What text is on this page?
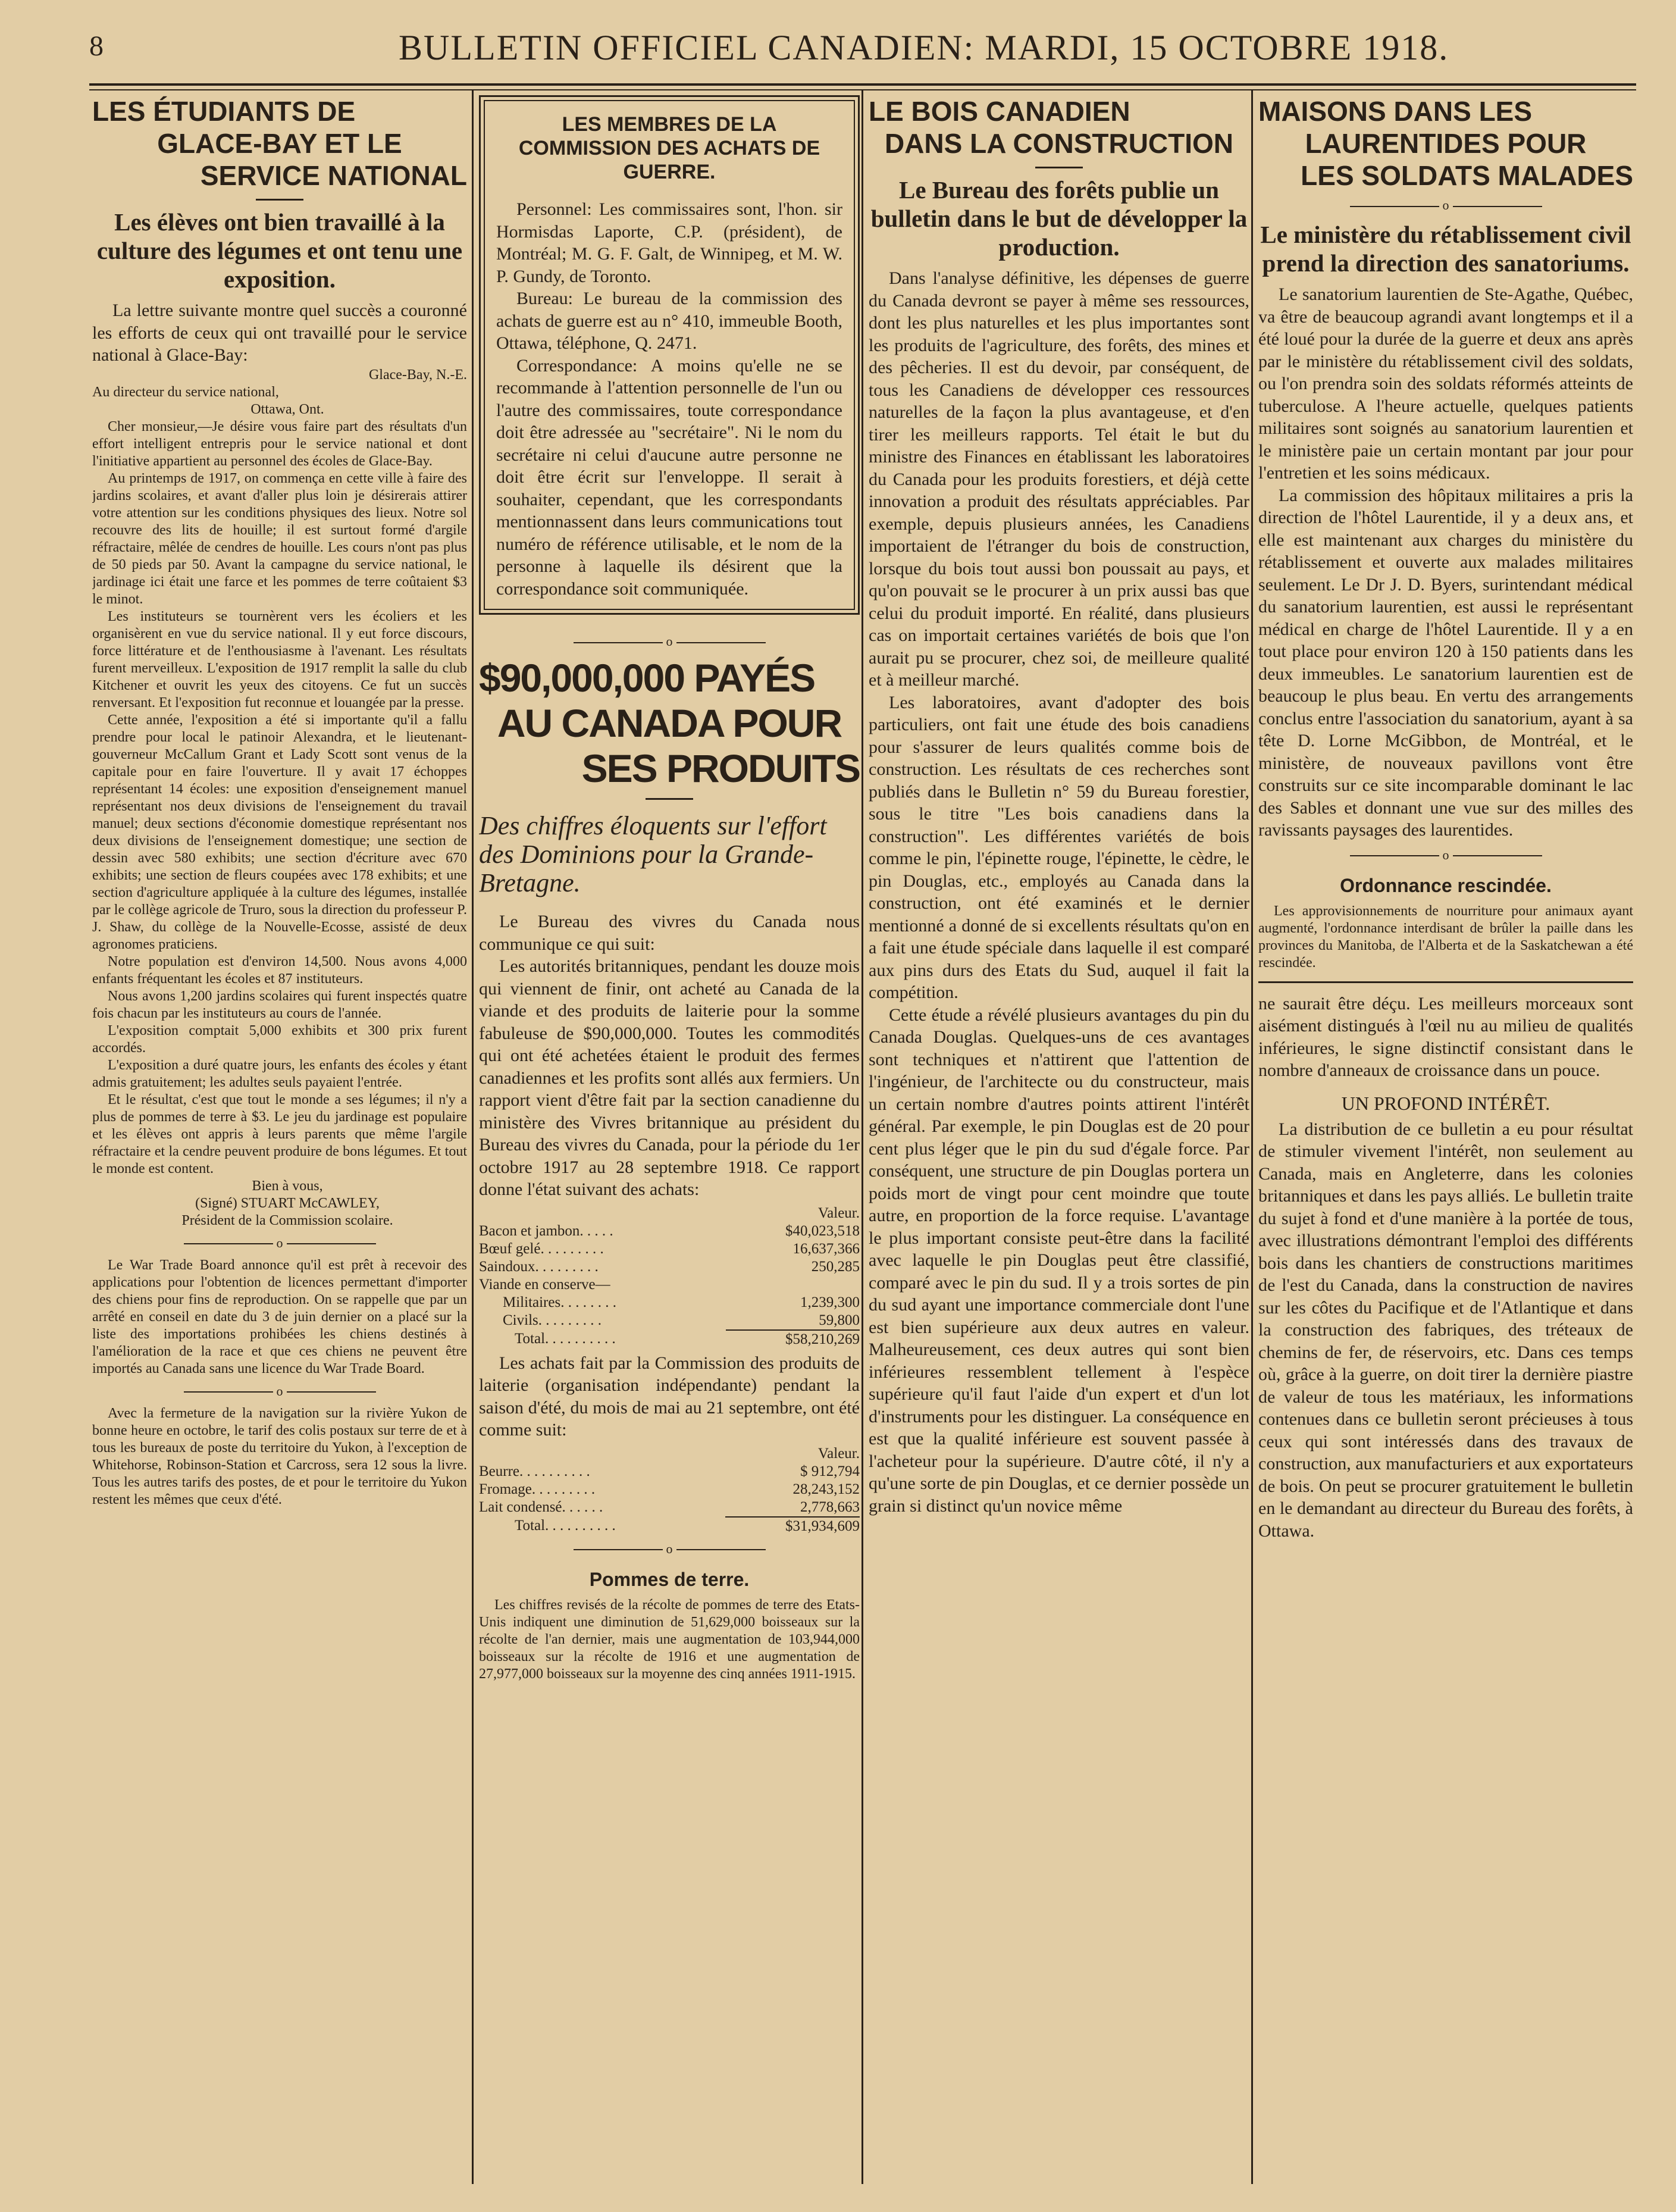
8	BULLETIN OFFICIEL CANADIEN: MARDI, 15 OCTOBRE 1918.
LES ÉTUDIANTS DE
GLACE-BAY ET LE
SERVICE NATIONAL
Les élèves ont bien travaillé à la culture des légumes et ont tenu une exposition.

La lettre suivante montre quel succès a couronné les efforts de ceux qui ont travaillé pour le service national à Glace-Bay:

Glace-Bay, N.-E.

Au directeur du service national,

Ottawa, Ont.

Cher monsieur,—Je désire vous faire part des résultats d'un effort intelligent entrepris pour le service national et dont l'initiative appartient au personnel des écoles de Glace-Bay.

Au printemps de 1917, on commença en cette ville à faire des jardins scolaires, et avant d'aller plus loin je désirerais attirer votre attention sur les conditions physiques des lieux. Notre sol recouvre des lits de houille; il est surtout formé d'argile réfractaire, mêlée de cendres de houille. Les cours n'ont pas plus de 50 pieds par 50. Avant la campagne du service national, le jardinage ici était une farce et les pommes de terre coûtaient $3 le minot.

Les instituteurs se tournèrent vers les écoliers et les organisèrent en vue du service national. Il y eut force discours, force littérature et de l'enthousiasme à l'avenant. Les résultats furent merveilleux. L'exposition de 1917 remplit la salle du club Kitchener et ouvrit les yeux des citoyens. Ce fut un succès renversant. Et l'exposition fut reconnue et louangée par la presse.

Cette année, l'exposition a été si importante qu'il a fallu prendre pour local le patinoir Alexandra, et le lieutenant-gouverneur McCallum Grant et Lady Scott sont venus de la capitale pour en faire l'ouverture. Il y avait 17 échoppes représentant 14 écoles: une exposition d'enseignement manuel représentant nos deux divisions de l'enseignement du travail manuel; deux sections d'économie domestique représentant nos deux divisions de l'enseignement domestique; une section de dessin avec 580 exhibits; une section d'écriture avec 670 exhibits; une section de fleurs coupées avec 178 exhibits; et une section d'agriculture appliquée à la culture des légumes, installée par le collège agricole de Truro, sous la direction du professeur P. J. Shaw, du collège de la Nouvelle-Ecosse, assisté de deux agronomes praticiens.

Notre population est d'environ 14,500. Nous avons 4,000 enfants fréquentant les écoles et 87 instituteurs.

Nous avons 1,200 jardins scolaires qui furent inspectés quatre fois chacun par les instituteurs au cours de l'année.

L'exposition comptait 5,000 exhibits et 300 prix furent accordés.

L'exposition a duré quatre jours, les enfants des écoles y étant admis gratuitement; les adultes seuls payaient l'entrée.

Et le résultat, c'est que tout le monde a ses légumes; il n'y a plus de pommes de terre à $3. Le jeu du jardinage est populaire et les élèves ont appris à leurs parents que même l'argile réfractaire et la cendre peuvent produire de bons légumes. Et tout le monde est content.

Bien à vous,

(Signé) STUART McCAWLEY,

Président de la Commission scolaire.

o

Le War Trade Board annonce qu'il est prêt à recevoir des applications pour l'obtention de licences permettant d'importer des chiens pour fins de reproduction. On se rappelle que par un arrêté en conseil en date du 3 de juin dernier on a placé sur la liste des importations prohibées les chiens destinés à l'amélioration de la race et que ces chiens ne peuvent être importés au Canada sans une licence du War Trade Board.

o

Avec la fermeture de la navigation sur la rivière Yukon de bonne heure en octobre, le tarif des colis postaux sur terre de et à tous les bureaux de poste du territoire du Yukon, à l'exception de Whitehorse, Robinson-Station et Carcross, sera 12 sous la livre. Tous les autres tarifs des postes, de et pour le territoire du Yukon restent les mêmes que ceux d'été.

LES MEMBRES DE LA COMMISSION DES ACHATS DE GUERRE.

Personnel: Les commissaires sont, l'hon. sir Hormisdas Laporte, C.P. (président), de Montréal; M. G. F. Galt, de Winnipeg, et M. W. P. Gundy, de Toronto.

Bureau: Le bureau de la commission des achats de guerre est au n° 410, immeuble Booth, Ottawa, téléphone, Q. 2471.

Correspondance: A moins qu'elle ne se recommande à l'attention personnelle de l'un ou l'autre des commissaires, toute correspondance doit être adressée au "secrétaire". Ni le nom du secrétaire ni celui d'aucune autre personne ne doit être écrit sur l'enveloppe. Il serait à souhaiter, cependant, que les correspondants mentionnassent dans leurs communications tout numéro de référence utilisable, et le nom de la personne à laquelle ils désirent que la correspondance soit communiquée.

o
$90,000,000 PAYÉS
AU CANADA POUR
SES PRODUITS
Des chiffres éloquents sur l'effort des Dominions pour la Grande-Bretagne.

Le Bureau des vivres du Canada nous communique ce qui suit:

Les autorités britanniques, pendant les douze mois qui viennent de finir, ont acheté au Canada de la viande et des produits de laiterie pour la somme fabuleuse de $90,000,000. Toutes les commodités qui ont été achetées étaient le produit des fermes canadiennes et les profits sont allés aux fermiers. Un rapport vient d'être fait par la section canadienne du ministère des Vivres britannique au président du Bureau des vivres du Canada, pour la période du 1er octobre 1917 au 28 septembre 1918. Ce rapport donne l'état suivant des achats:

	Valeur.
Bacon et jambon. . . . .	$40,023,518
Bœuf gelé. . . . . . . . .	16,637,366
Saindoux. . . . . . . . .	250,285
Viande en conserve—	
Militaires. . . . . . . .	1,239,300
Civils. . . . . . . . .	59,800
Total. . . . . . . . . .	$58,210,269

Les achats fait par la Commission des produits de laiterie (organisation indépendante) pendant la saison d'été, du mois de mai au 21 septembre, ont été comme suit:

	Valeur.
Beurre. . . . . . . . . .	$ 912,794
Fromage. . . . . . . . .	28,243,152
Lait condensé. . . . . .	2,778,663
Total. . . . . . . . . .	$31,934,609
o
Pommes de terre.

Les chiffres revisés de la récolte de pommes de terre des Etats-Unis indiquent une diminution de 51,629,000 boisseaux sur la récolte de l'an dernier, mais une augmentation de 103,944,000 boisseaux sur la récolte de 1916 et une augmentation de 27,977,000 boisseaux sur la moyenne des cinq années 1911-1915.

LE BOIS CANADIEN
DANS LA CONSTRUCTION
Le Bureau des forêts publie un bulletin dans le but de développer la production.

Dans l'analyse définitive, les dépenses de guerre du Canada devront se payer à même ses ressources, dont les plus naturelles et les plus importantes sont les produits de l'agriculture, des forêts, des mines et des pêcheries. Il est du devoir, par conséquent, de tous les Canadiens de développer ces ressources naturelles de la façon la plus avantageuse, et d'en tirer les meilleurs rapports. Tel était le but du ministre des Finances en établissant les laboratoires du Canada pour les produits forestiers, et déjà cette innovation a produit des résultats appréciables. Par exemple, depuis plusieurs années, les Canadiens importaient de l'étranger du bois de construction, lorsque du bois tout aussi bon poussait au pays, et qu'on pouvait se le procurer à un prix aussi bas que celui du produit importé. En réalité, dans plusieurs cas on importait certaines variétés de bois que l'on aurait pu se procurer, chez soi, de meilleure qualité et à meilleur marché.

Les laboratoires, avant d'adopter des bois particuliers, ont fait une étude des bois canadiens pour s'assurer de leurs qualités comme bois de construction. Les résultats de ces recherches sont publiés dans le Bulletin n° 59 du Bureau forestier, sous le titre "Les bois canadiens dans la construction". Les différentes variétés de bois comme le pin, l'épinette rouge, l'épinette, le cèdre, le pin Douglas, etc., employés au Canada dans la construction, ont été examinés et le dernier mentionné a donné de si excellents résultats qu'on en a fait une étude spéciale dans laquelle il est comparé aux pins durs des Etats du Sud, auquel il fait la compétition.

Cette étude a révélé plusieurs avantages du pin du Canada Douglas. Quelques-uns de ces avantages sont techniques et n'attirent que l'attention de l'ingénieur, de l'architecte ou du constructeur, mais un certain nombre d'autres points attirent l'intérêt général. Par exemple, le pin Douglas est de 20 pour cent plus léger que le pin du sud d'égale force. Par conséquent, une structure de pin Douglas portera un poids mort de vingt pour cent moindre que toute autre, en proportion de la force requise. L'avantage le plus important consiste peut-être dans la facilité avec laquelle le pin Douglas peut être classifié, comparé avec le pin du sud. Il y a trois sortes de pin du sud ayant une importance commerciale dont l'une est bien supérieure aux deux autres en valeur. Malheureusement, ces deux autres qui sont bien inférieures ressemblent tellement à l'espèce supérieure qu'il faut l'aide d'un expert et d'un lot d'instruments pour les distinguer. La conséquence en est que la qualité inférieure est souvent passée à l'acheteur pour la supérieure. D'autre côté, il n'y a qu'une sorte de pin Douglas, et ce dernier possède un grain si distinct qu'un novice même

MAISONS DANS LES
LAURENTIDES POUR
LES SOLDATS MALADES
o
Le ministère du rétablissement civil prend la direction des sanatoriums.

Le sanatorium laurentien de Ste-Agathe, Québec, va être de beaucoup agrandi avant longtemps et il a été loué pour la durée de la guerre et deux ans après par le ministère du rétablissement civil des soldats, ou l'on prendra soin des soldats réformés atteints de tuberculose. A l'heure actuelle, quelques patients militaires sont soignés au sanatorium laurentien et le ministère paie un certain montant par jour pour l'entretien et les soins médicaux.

La commission des hôpitaux militaires a pris la direction de l'hôtel Laurentide, il y a deux ans, et elle est maintenant aux charges du ministère du rétablissement et ouverte aux malades militaires seulement. Le Dr J. D. Byers, surintendant médical du sanatorium laurentien, est aussi le représentant médical en charge de l'hôtel Laurentide. Il y a en tout place pour environ 120 à 150 patients dans les deux immeubles. Le sanatorium laurentien est de beaucoup le plus beau. En vertu des arrangements conclus entre l'association du sanatorium, ayant à sa tête D. Lorne McGibbon, de Montréal, et le ministère, de nouveaux pavillons vont être construits sur ce site incomparable dominant le lac des Sables et donnant une vue sur des milles des ravissants paysages des laurentides.

o
Ordonnance rescindée.

Les approvisionnements de nourriture pour animaux ayant augmenté, l'ordonnance interdisant de brûler la paille dans les provinces du Manitoba, de l'Alberta et de la Saskatchewan a été rescindée.

ne saurait être déçu. Les meilleurs morceaux sont aisément distingués à l'œil nu au milieu de qualités inférieures, le signe distinctif consistant dans le nombre d'anneaux de croissance dans un pouce.

UN PROFOND INTÉRÊT.

La distribution de ce bulletin a eu pour résultat de stimuler vivement l'intérêt, non seulement au Canada, mais en Angleterre, dans les colonies britanniques et dans les pays alliés. Le bulletin traite du sujet à fond et d'une manière à la portée de tous, avec illustrations démontrant l'emploi des différents bois dans les chantiers de constructions maritimes de l'est du Canada, dans la construction de navires sur les côtes du Pacifique et de l'Atlantique et dans la construction des fabriques, des tréteaux de chemins de fer, de réservoirs, etc. Dans ces temps où, grâce à la guerre, on doit tirer la dernière piastre de valeur de tous les matériaux, les informations contenues dans ce bulletin seront précieuses à tous ceux qui sont intéressés dans des travaux de construction, aux manufacturiers et aux exportateurs de bois. On peut se procurer gratuitement le bulletin en le demandant au directeur du Bureau des forêts, à Ottawa.
